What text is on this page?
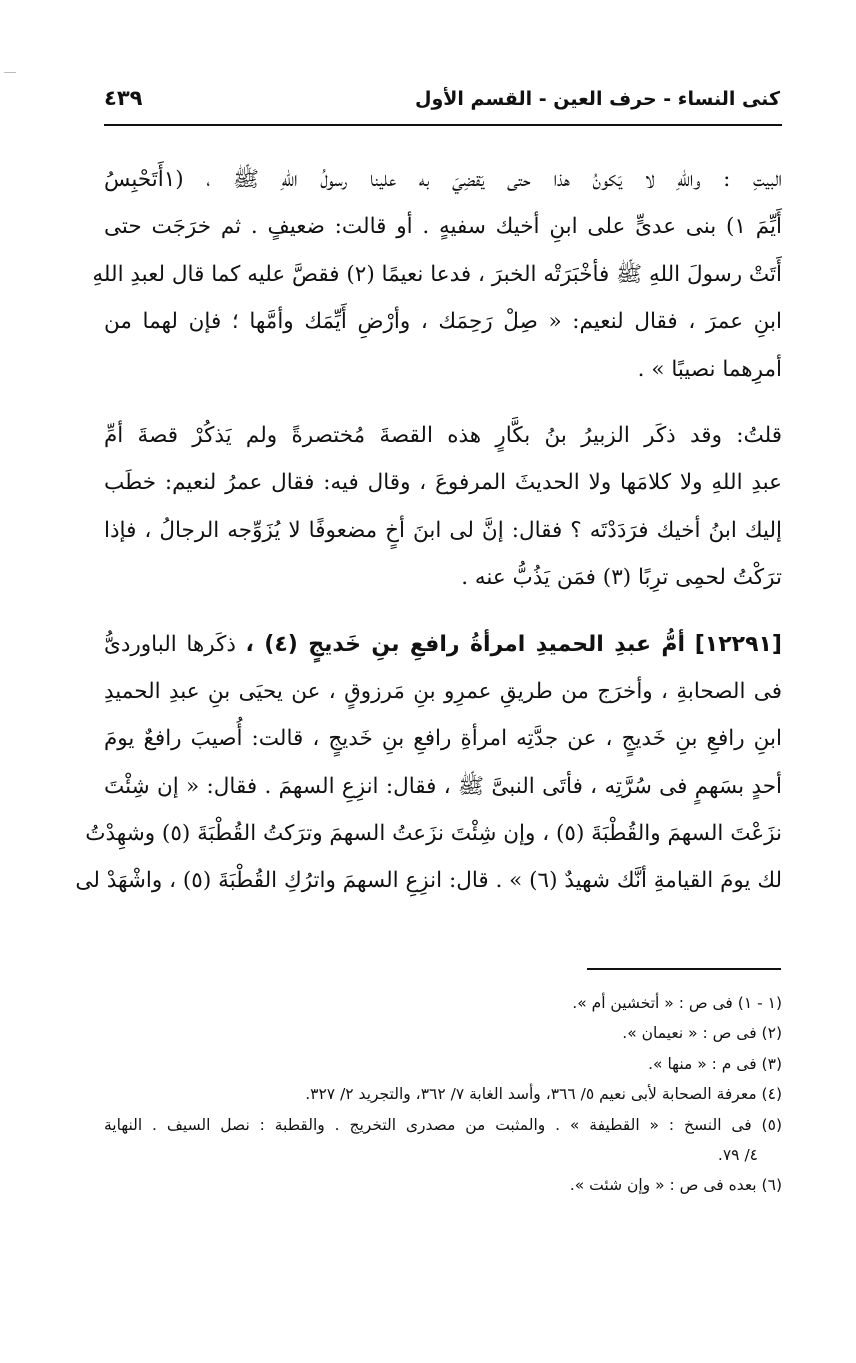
كنى النساء - حرف العين - القسم الأول
٤٣٩
البيتِ : واللهِ لا يَكونُ هذا حتى يَقضِيَ به علينا رسولُ اللهِ ﷺ ، (١أَتَحْبِسُ
أَيِّمَ ١) بنى عدىٍّ على ابنِ أخيك سفيهٍ . أو قالت: ضعيفٍ . ثم خرَجَت حتى
أَتَتْ رسولَ اللهِ ﷺ فأخْبَرَتْه الخبرَ ، فدعا نعيمًا (٢) فقصَّ عليه كما قال لعبدِ اللهِ
ابنِ عمرَ ، فقال لنعيم: « صِلْ رَحِمَك ، وأرْضِ أَيِّمَك وأمَّها ؛ فإن لهما من
أمرِهما نصيبًا » .
قلتُ: وقد ذكَر الزبيرُ بنُ بكَّارٍ هذه القصةَ مُختصرةً ولم يَذكُرْ قصةَ أمِّ
عبدِ اللهِ ولا كلامَها ولا الحديثَ المرفوعَ ، وقال فيه: فقال عمرُ لنعيم: خطَب
إليك ابنُ أخيك فرَدَدْتَه ؟ فقال: إنَّ لى ابنَ أخٍ مضعوفًا لا يُزَوِّجه الرجالُ ، فإذا
ترَكْتُ لحمِى ترِبًا (٣) فمَن يَذُبُّ عنه .
[١٢٢٩١] أمُّ عبدِ الحميدِ امرأةُ رافعِ بنِ خَديجٍ (٤) ، ذكَرها الباوردىُّ
فى الصحابةِ ، وأخرَج من طريقِ عمرِو بنِ مَرزوقٍ ، عن يحيَى بنِ عبدِ الحميدِ
ابنِ رافعِ بنِ خَديجٍ ، عن جدَّتِه امرأةِ رافعِ بنِ خَديجٍ ، قالت: أُصيبَ رافعٌ يومَ
أحدٍ بسَهمٍ فى سُرَّتِه ، فأتَى النبىَّ ﷺ ، فقال: انزِعِ السهمَ . فقال: « إن شِئْتَ
نزَعْتَ السهمَ والقُطْبَةَ (٥) ، وإن شِئْتَ نزَعتُ السهمَ وترَكتُ القُطْبَةَ (٥) وشهِدْتُ
لك يومَ القيامةِ أنَّك شهيدٌ (٦) » . قال: انزِعِ السهمَ واترُكِ القُطْبَةَ (٥) ، واشْهَدْ لى
(١ - ١) فى ص : « أتخشين أم ».
(٢) فى ص : « نعيمان ».
(٣) فى م : « منها ».
(٤) معرفة الصحابة لأبى نعيم ٥/ ٣٦٦، وأسد الغابة ٧/ ٣٦٢، والتجريد ٢/ ٣٢٧.
(٥) فى النسخ : « القطيفة » . والمثبت من مصدرى التخريج . والقطبة : نصل السيف . النهاية
٤/ ٧٩.
(٦) بعده فى ص : « وإن شئت ».
